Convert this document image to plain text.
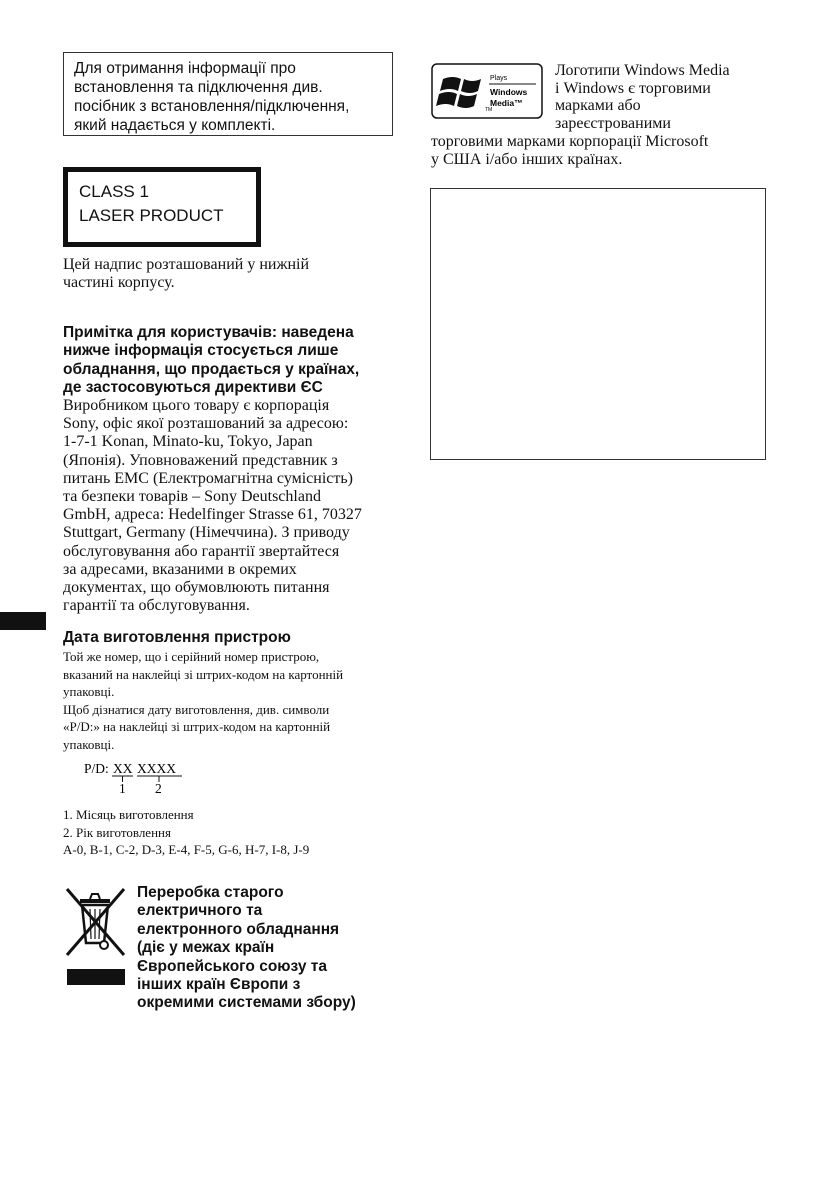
Для отримання інформації про
встановлення та підключення див.
посібник з встановлення/підключення,
який надається у комплекті.
CLASS 1
LASER PRODUCT
Цей надпис розташований у нижній
частині корпусу.
Примітка для користувачів: наведена
нижче інформація стосується лише
обладнання, що продається у країнах,
де застосовуються директиви ЄС
Виробником цього товару є корпорація
Sony, офіс якої розташований за адресою:
1-7-1 Konan, Minato-ku, Tokyo, Japan
(Японія). Уповноважений представник з
питань EMC (Електромагнітна сумісність)
та безпеки товарів – Sony Deutschland
GmbH, адреса: Hedelfinger Strasse 61, 70327
Stuttgart, Germany (Німеччина). З приводу
обслуговування або гарантії звертайтеся
за адресами, вказаними в окремих
документах, що обумовлюють питання
гарантії та обслуговування.
Дата виготовлення пристрою
Той же номер, що і серійний номер пристрою,
вказаний на наклейці зі штрих-кодом на картонній
упаковці.
Щоб дізнатися дату виготовлення, див. символи
«P/D:» на наклейці зі штрих-кодом на картонній
упаковці.
P/D: XX XXXX
1 2
1. Місяць виготовлення
2. Рік виготовлення
A-0, B-1, C-2, D-3, E-4, F-5, G-6, H-7, I-8, J-9
Переробка старого
електричного та
електронного обладнання
(діє у межах країн
Європейського союзу та
інших країн Європи з
окремими системами збору)
TM
Plays
Windows
Media™
Логотипи Windows Media
і Windows є торговими
марками або
зареєстрованими
торговими марками корпорації Microsoft
у США і/або інших країнах.
